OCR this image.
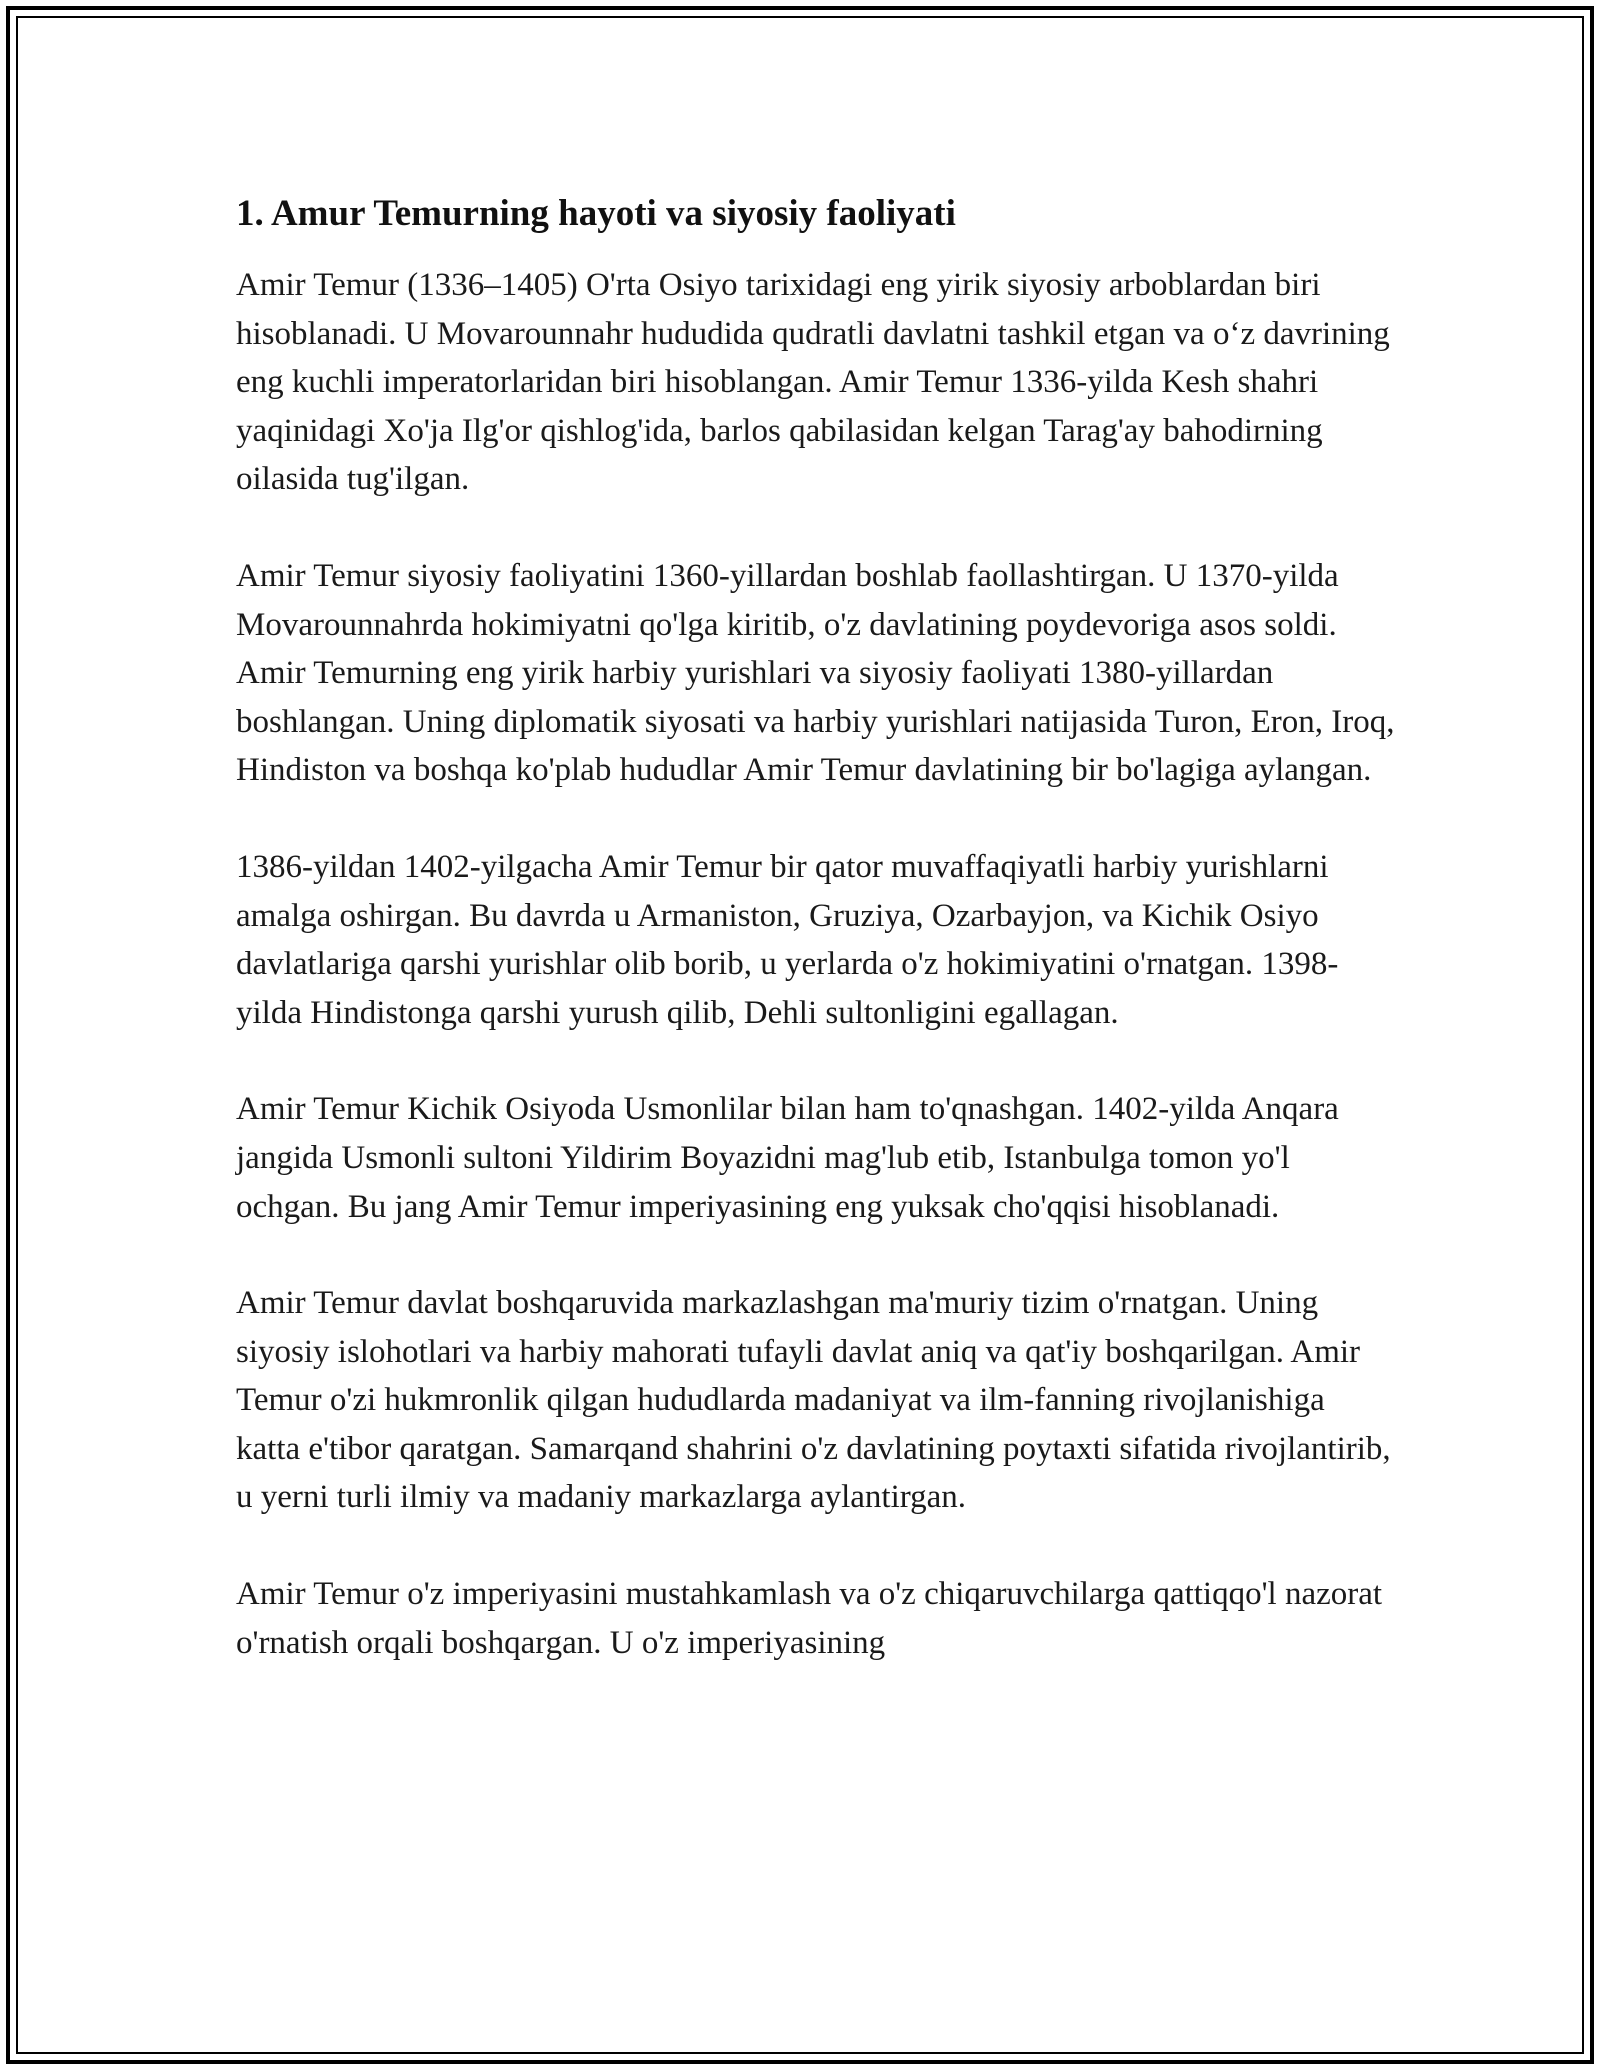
1. Amur Temurning hayoti va siyosiy faoliyati

Amir Temur (1336–1405) O'rta Osiyo tarixidagi eng yirik siyosiy arboblardan biri hisoblanadi. U Movarounnahr hududida qudratli davlatni tashkil etgan va o‘z davrining eng kuchli imperatorlaridan biri hisoblangan. Amir Temur 1336-yilda Kesh shahri yaqinidagi Xo'ja Ilg'or qishlog'ida, barlos qabilasidan kelgan Tarag'ay bahodirning oilasida tug'ilgan.

Amir Temur siyosiy faoliyatini 1360-yillardan boshlab faollashtirgan. U 1370-yilda Movarounnahrda hokimiyatni qo'lga kiritib, o'z davlatining poydevoriga asos soldi. Amir Temurning eng yirik harbiy yurishlari va siyosiy faoliyati 1380-yillardan boshlangan. Uning diplomatik siyosati va harbiy yurishlari natijasida Turon, Eron, Iroq, Hindiston va boshqa ko'plab hududlar Amir Temur davlatining bir bo'lagiga aylangan.

1386-yildan 1402-yilgacha Amir Temur bir qator muvaffaqiyatli harbiy yurishlarni amalga oshirgan. Bu davrda u Armaniston, Gruziya, Ozarbayjon, va Kichik Osiyo davlatlariga qarshi yurishlar olib borib, u yerlarda o'z hokimiyatini o'rnatgan. 1398-yilda Hindistonga qarshi yurush qilib, Dehli sultonligini egallagan.

Amir Temur Kichik Osiyoda Usmonlilar bilan ham to'qnashgan. 1402-yilda Anqara jangida Usmonli sultoni Yildirim Boyazidni mag'lub etib, Istanbulga tomon yo'l ochgan. Bu jang Amir Temur imperiyasining eng yuksak cho'qqisi hisoblanadi.

Amir Temur davlat boshqaruvida markazlashgan ma'muriy tizim o'rnatgan. Uning siyosiy islohotlari va harbiy mahorati tufayli davlat aniq va qat'iy boshqarilgan. Amir Temur o'zi hukmronlik qilgan hududlarda madaniyat va ilm-fanning rivojlanishiga katta e'tibor qaratgan. Samarqand shahrini o'z davlatining poytaxti sifatida rivojlantirib, u yerni turli ilmiy va madaniy markazlarga aylantirgan.

Amir Temur o'z imperiyasini mustahkamlash va o'z chiqaruvchilarga qattiqqo'l nazorat o'rnatish orqali boshqargan. U o'z imperiyasining
